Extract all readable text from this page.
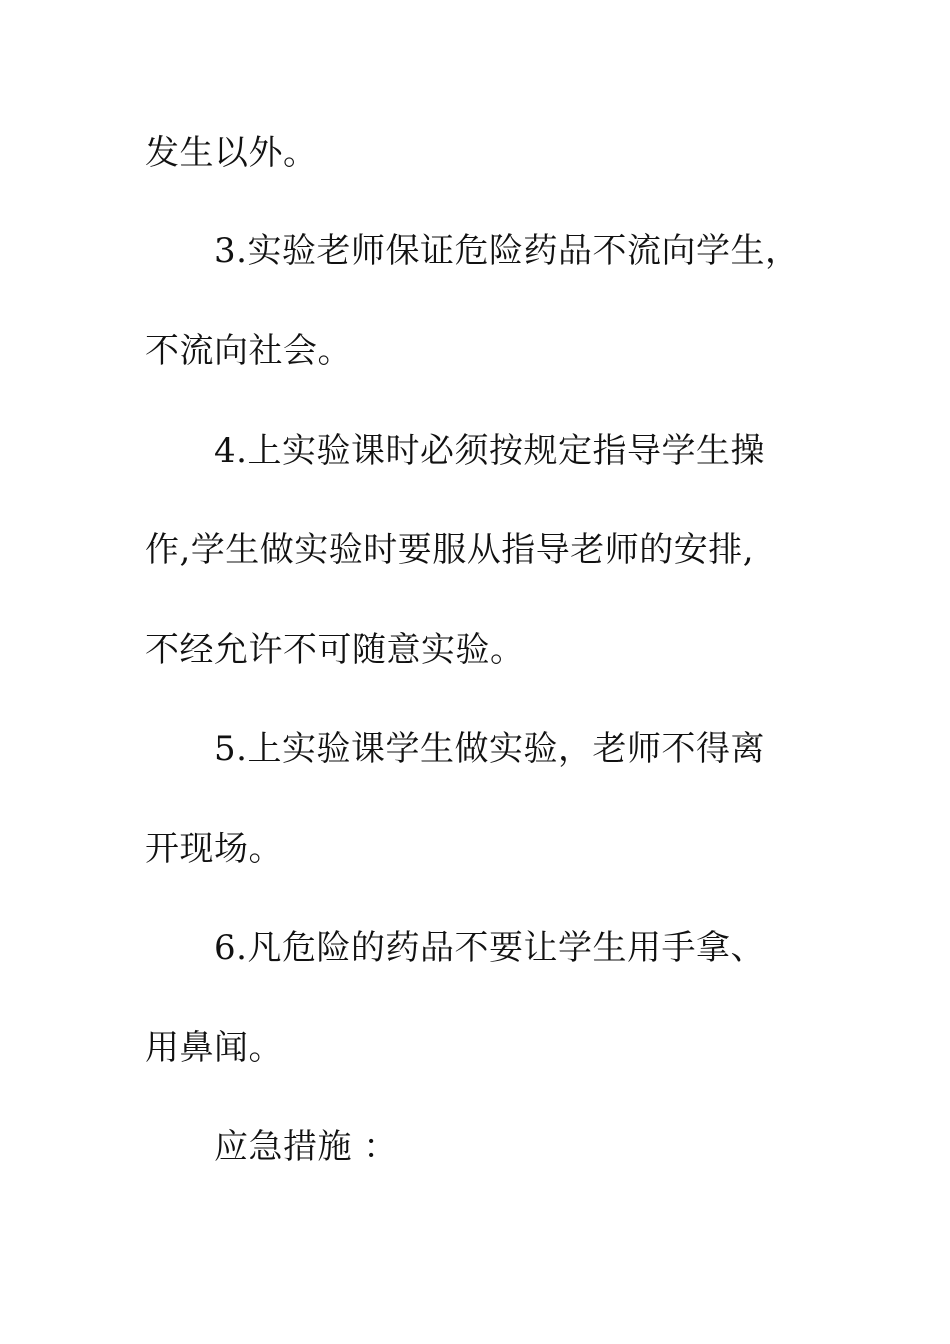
发生以外。
3.实验老师保证危险药品不流向学生，
不流向社会。
4.上实验课时必须按规定指导学生操
作,学生做实验时要服从指导老师的安排,
不经允许不可随意实验。
5.上实验课学生做实验，老师不得离
开现场。
6.凡危险的药品不要让学生用手拿、
用鼻闻。
应急措施 ：
